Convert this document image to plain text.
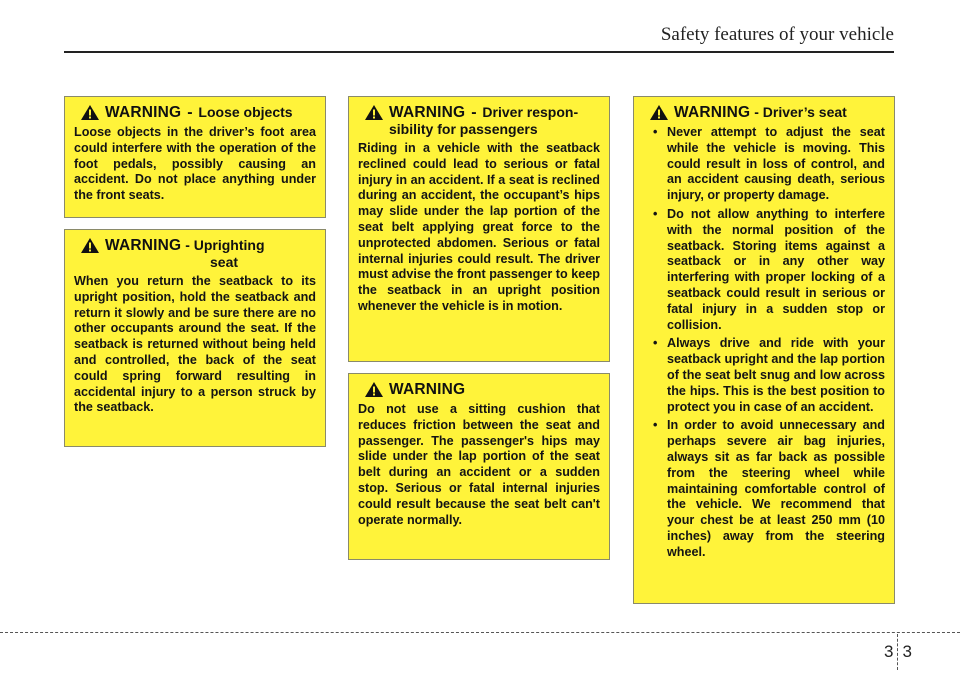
Safety features of your vehicle
WARNING - Loose objects

Loose objects in the driver’s foot area could interfere with the operation of the foot pedals, possibly causing an accident. Do not place anything under the front seats.

WARNING - Uprighting
seat

When you return the seatback to its upright position, hold the seatback and return it slowly and be sure there are no other occupants around the seat. If the seatback is returned without being held and controlled, the back of the seat could spring forward resulting in accidental injury to a person struck by the seatback.

WARNING - Driver respon-
sibility for passengers

Riding in a vehicle with the seatback reclined could lead to serious or fatal injury in an accident. If a seat is reclined during an accident, the occupant’s hips may slide under the lap portion of the seat belt applying great force to the unprotected abdomen. Serious or fatal internal injuries could result. The driver must advise the front passenger to keep the seatback in an upright position whenever the vehicle is in motion.

WARNING

Do not use a sitting cushion that reduces friction between the seat and passenger. The passenger's hips may slide under the lap portion of the seat belt during an accident or a sudden stop. Serious or fatal internal injuries could result because the seat belt can't operate normally.

WARNING - Driver’s seat
• Never attempt to adjust the seat while the vehicle is moving. This could result in loss of control, and an accident causing death, serious injury, or property damage.
• Do not allow anything to interfere with the normal position of the seatback. Storing items against a seatback or in any other way interfering with proper locking of a seatback could result in serious or fatal injury in a sudden stop or collision.
• Always drive and ride with your seatback upright and the lap portion of the seat belt snug and low across the hips. This is the best position to protect you in case of an accident.
• In order to avoid unnecessary and perhaps severe air bag injuries, always sit as far back as possible from the steering wheel while maintaining comfortable control of the vehicle. We recommend that your chest be at least 250 mm (10 inches) away from the steering wheel.
3 3
